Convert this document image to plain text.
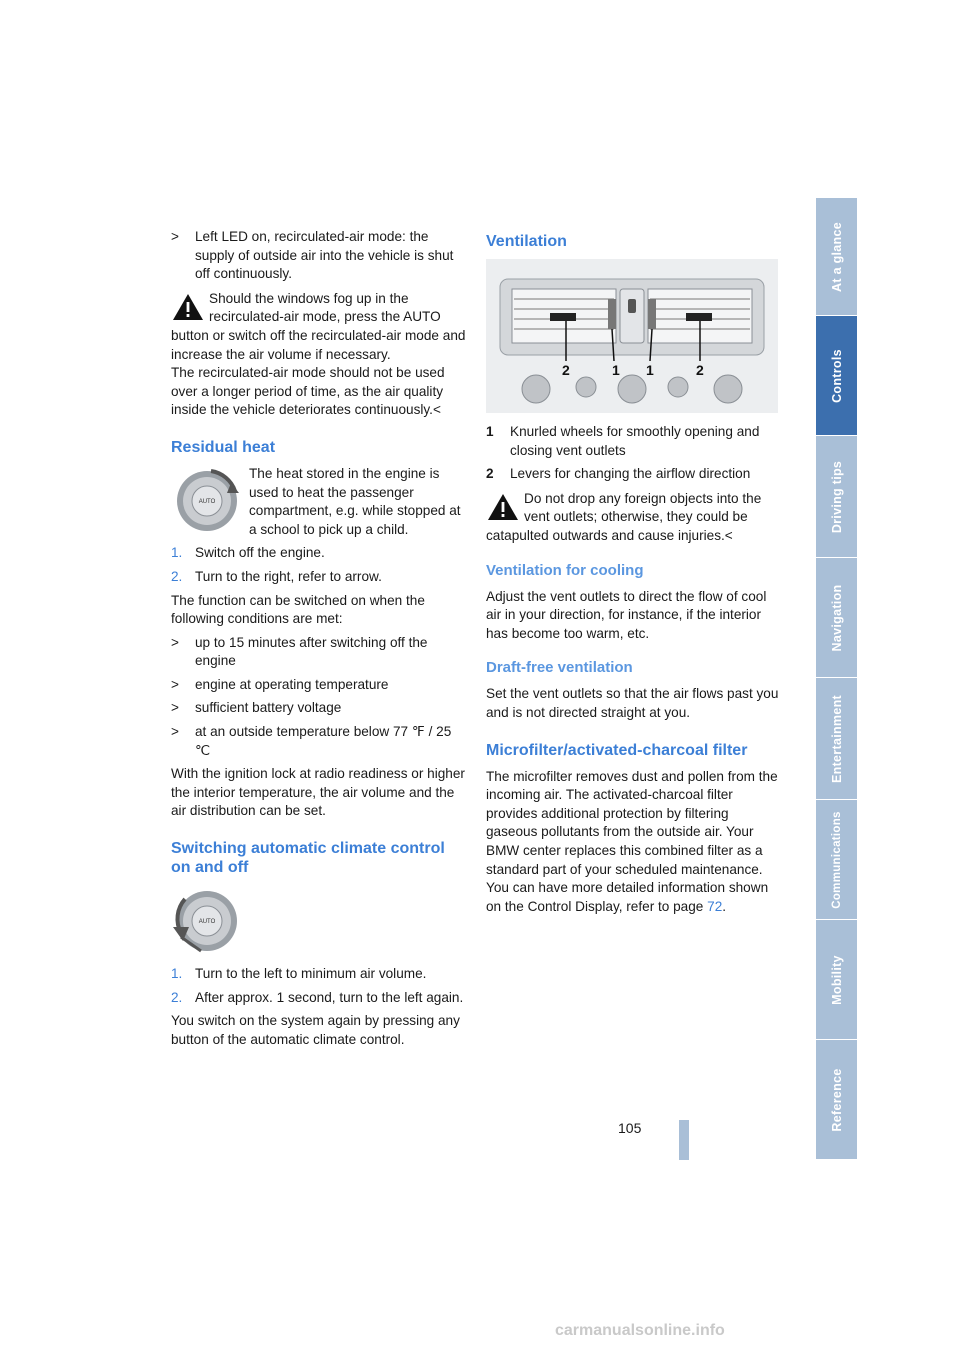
> Left LED on, recirculated-air mode: the supply of outside air into the vehicle is shut off continuously.
Should the windows fog up in the recirculated-air mode, press the AUTO button or switch off the recirculated-air mode and increase the air volume if necessary.
The recirculated-air mode should not be used over a longer period of time, as the air quality inside the vehicle deteriorates continuously.<
Residual heat
AUTO

The heat stored in the engine is used to heat the passenger compartment, e.g. while stopped at a school to pick up a child.

1. Switch off the engine.
2. Turn to the right, refer to arrow.

The function can be switched on when the following conditions are met:

> up to 15 minutes after switching off the engine
> engine at operating temperature
> sufficient battery voltage
> at an outside temperature below 77 ℉ / 25 ℃

With the ignition lock at radio readiness or higher the interior temperature, the air volume and the air distribution can be set.

Switching automatic climate control on and off
AUTO
1. Turn to the left to minimum air volume.
2. After approx. 1 second, turn to the left again.

You switch on the system again by pressing any button of the automatic climate control.

Ventilation
2	1 1	2
1 Knurled wheels for smoothly opening and closing vent outlets
2 Levers for changing the airflow direction
Do not drop any foreign objects into the vent outlets; otherwise, they could be catapulted outwards and cause injuries.<
Ventilation for cooling

Adjust the vent outlets to direct the flow of cool air in your direction, for instance, if the interior has become too warm, etc.

Draft-free ventilation

Set the vent outlets so that the air flows past you and is not directed straight at you.

Microfilter/activated-charcoal filter

The microfilter removes dust and pollen from the incoming air. The activated-charcoal filter provides additional protection by filtering gaseous pollutants from the outside air. Your BMW center replaces this combined filter as a standard part of your scheduled maintenance.

You can have more detailed information shown on the Control Display, refer to page 72.

At a glance
Controls
Driving tips
Navigation
Entertainment
Communications
Mobility
Reference
105
carmanualsonline.info
